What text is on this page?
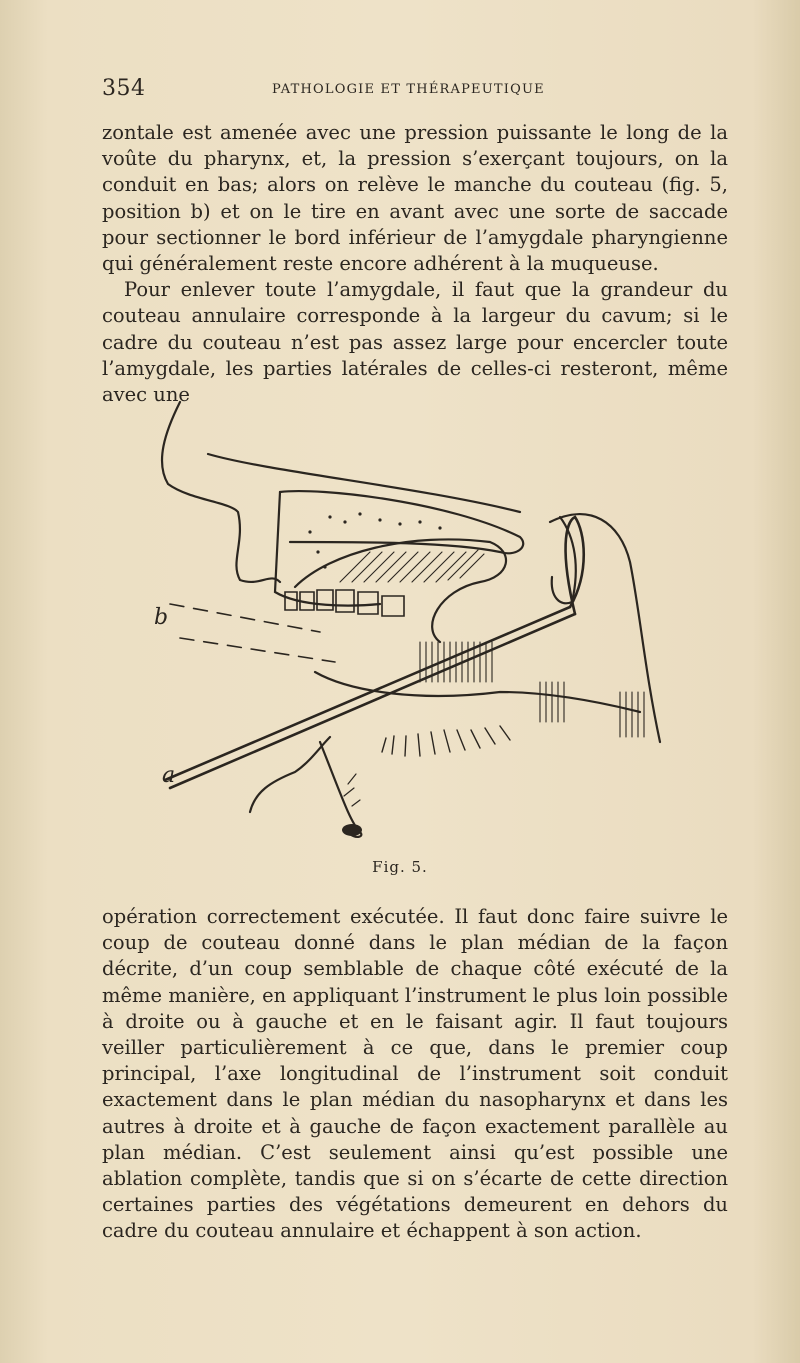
354	PATHOLOGIE ET THÉRAPEUTIQUE

zontale est amenée avec une pression puissante le long de la voûte du pharynx, et, la pression s’exerçant toujours, on la conduit en bas; alors on relève le manche du couteau (fig. 5, position b) et on le tire en avant avec une sorte de saccade pour sectionner le bord inférieur de l’amygdale pharyngienne qui généralement reste encore adhérent à la muqueuse.

Pour enlever toute l’amygdale, il faut que la grandeur du couteau annulaire corresponde à la largeur du cavum; si le cadre du couteau n’est pas assez large pour encercler toute l’amygdale, les parties latérales de celles-ci resteront, même avec une

b
a
Fig. 5.

opération correctement exécutée. Il faut donc faire suivre le coup de couteau donné dans le plan médian de la façon décrite, d’un coup semblable de chaque côté exécuté de la même manière, en appliquant l’instrument le plus loin possible à droite ou à gauche et en le faisant agir. Il faut toujours veiller particulièrement à ce que, dans le premier coup principal, l’axe longitudinal de l’instrument soit conduit exactement dans le plan médian du nasopharynx et dans les autres à droite et à gauche de façon exactement parallèle au plan médian. C’est seulement ainsi qu’est possible une ablation complète, tandis que si on s’écarte de cette direction certaines parties des végétations demeurent en dehors du cadre du couteau annulaire et échappent à son action.
